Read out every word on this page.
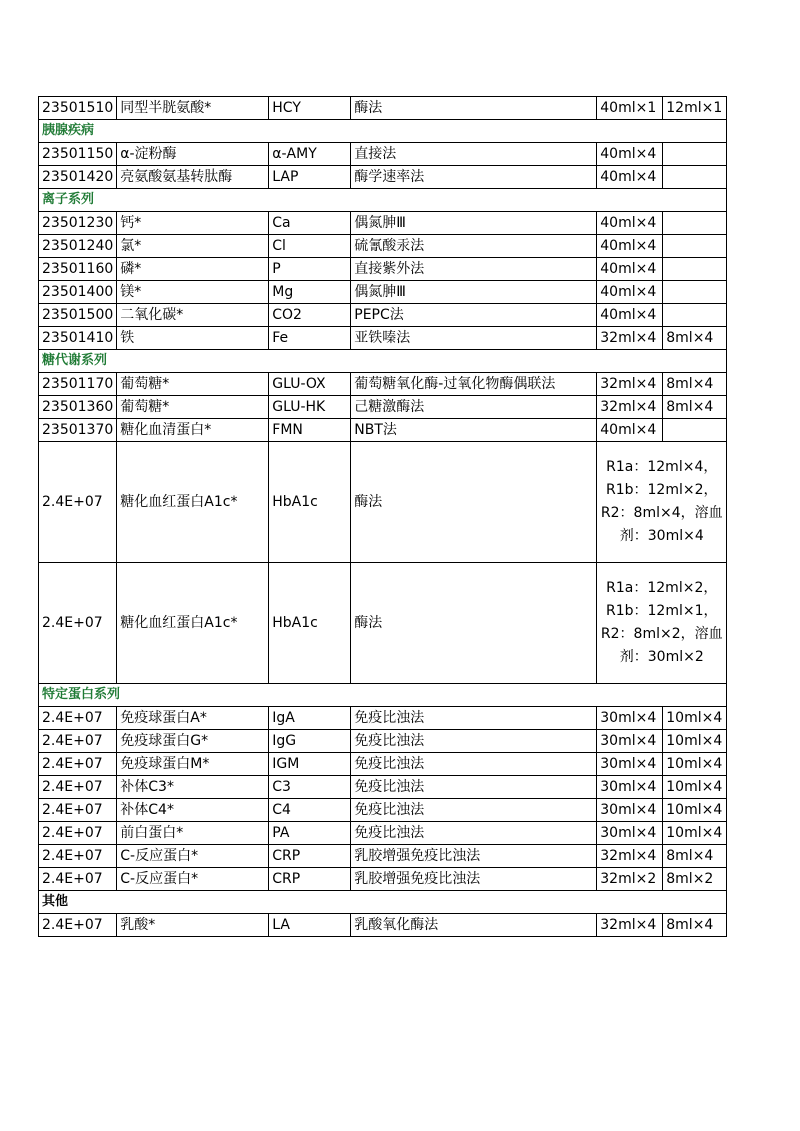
23501510	同型半胱氨酸*	HCY	酶法	40ml×1	12ml×1
胰腺疾病					
23501150	α-淀粉酶	α-AMY	直接法	40ml×4	
23501420	亮氨酸氨基转肽酶	LAP	酶学速率法	40ml×4	
离子系列					
23501230	钙*	Ca	偶氮胂Ⅲ	40ml×4	
23501240	氯*	Cl	硫氰酸汞法	40ml×4	
23501160	磷*	P	直接紫外法	40ml×4	
23501400	镁*	Mg	偶氮胂Ⅲ	40ml×4	
23501500	二氧化碳*	CO2	PEPC法	40ml×4	
23501410	铁	Fe	亚铁嗪法	32ml×4	8ml×4
糖代谢系列					
23501170	葡萄糖*	GLU-OX	葡萄糖氧化酶-过氧化物酶偶联法	32ml×4	8ml×4
23501360	葡萄糖*	GLU-HK	己糖激酶法	32ml×4	8ml×4
23501370	糖化血清蛋白*	FMN	NBT法	40ml×4	
2.4E+07	糖化血红蛋白A1c*	HbA1c	酶法	R1a：12ml×4，R1b：12ml×2，R2：8ml×4，溶血剂：30ml×4	
2.4E+07	糖化血红蛋白A1c*	HbA1c	酶法	R1a：12ml×2，R1b：12ml×1，R2：8ml×2，溶血剂：30ml×2	
特定蛋白系列					
2.4E+07	免疫球蛋白A*	IgA	免疫比浊法	30ml×4	10ml×4
2.4E+07	免疫球蛋白G*	IgG	免疫比浊法	30ml×4	10ml×4
2.4E+07	免疫球蛋白M*	IGM	免疫比浊法	30ml×4	10ml×4
2.4E+07	补体C3*	C3	免疫比浊法	30ml×4	10ml×4
2.4E+07	补体C4*	C4	免疫比浊法	30ml×4	10ml×4
2.4E+07	前白蛋白*	PA	免疫比浊法	30ml×4	10ml×4
2.4E+07	C-反应蛋白*	CRP	乳胶增强免疫比浊法	32ml×4	8ml×4
2.4E+07	C-反应蛋白*	CRP	乳胶增强免疫比浊法	32ml×2	8ml×2
其他					
2.4E+07	乳酸*	LA	乳酸氧化酶法	32ml×4	8ml×4
